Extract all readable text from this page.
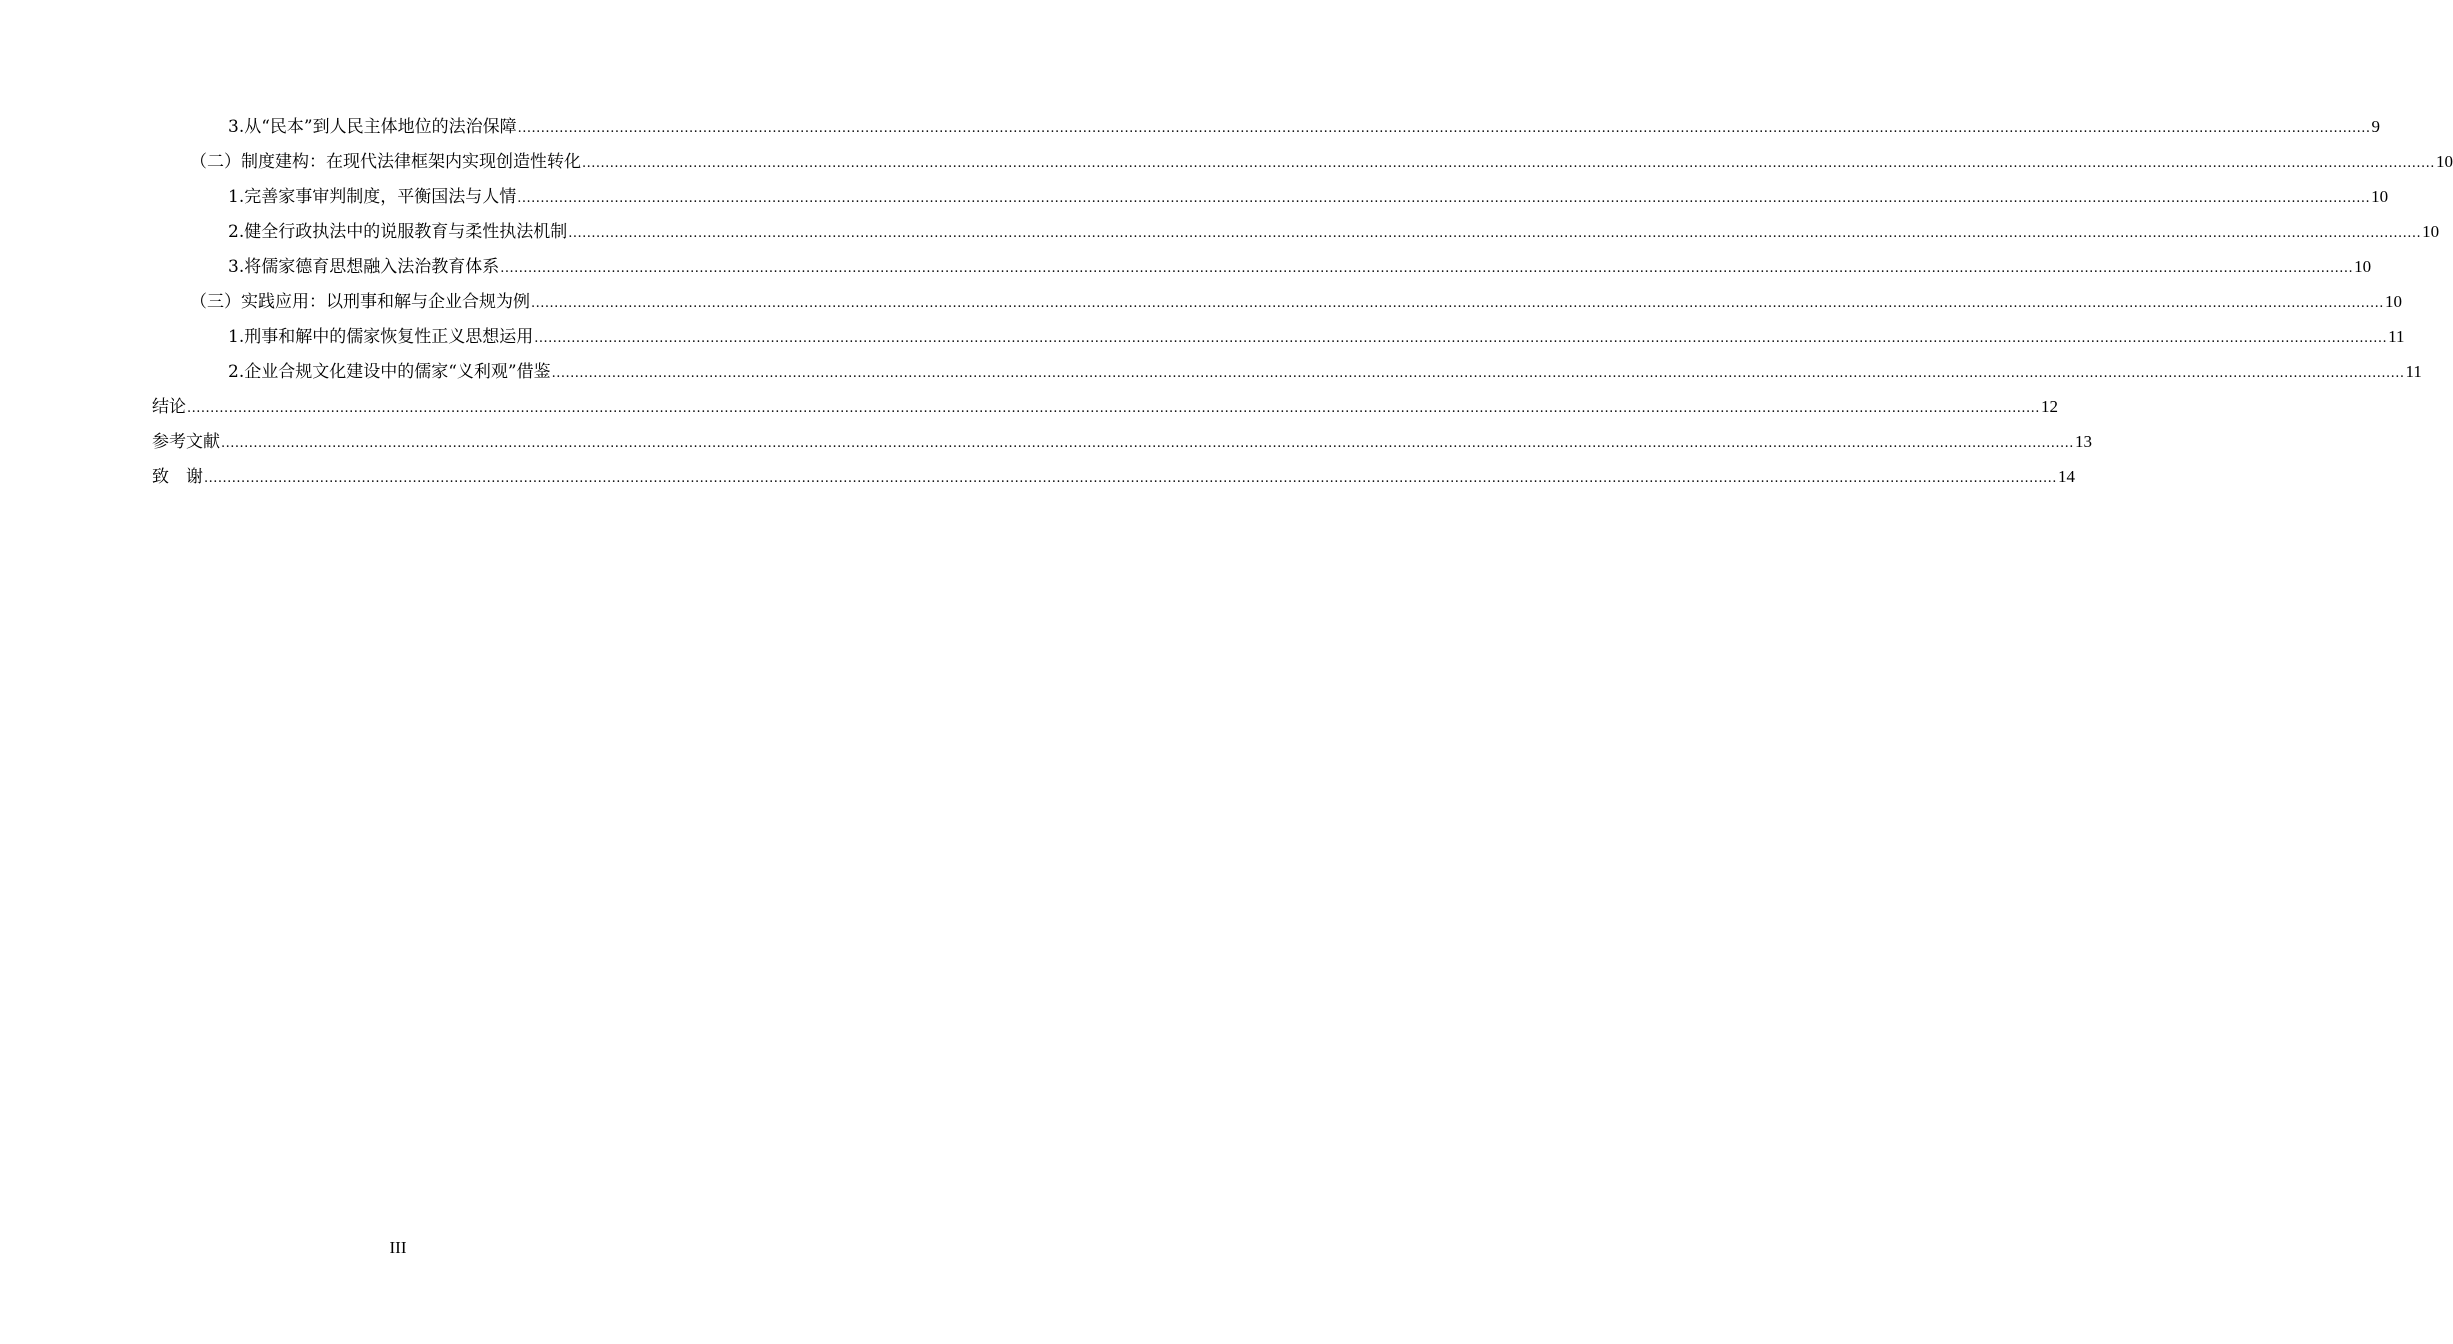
3.从“民本”到人民主体地位的法治保障 ................................................................................................................................................................................................................................................................................................................................................................................................................ 9
（二）制度建构：在现代法律框架内实现创造性转化 ................................................................................................................................................................................................................................................................................................................................................................................................................ 10
1.完善家事审判制度，平衡国法与人情 ................................................................................................................................................................................................................................................................................................................................................................................................................ 10
2.健全行政执法中的说服教育与柔性执法机制 ................................................................................................................................................................................................................................................................................................................................................................................................................ 10
3.将儒家德育思想融入法治教育体系 ................................................................................................................................................................................................................................................................................................................................................................................................................ 10
（三）实践应用：以刑事和解与企业合规为例 ................................................................................................................................................................................................................................................................................................................................................................................................................ 10
1.刑事和解中的儒家恢复性正义思想运用 ................................................................................................................................................................................................................................................................................................................................................................................................................ 11
2.企业合规文化建设中的儒家“义利观”借鉴 ................................................................................................................................................................................................................................................................................................................................................................................................................ 11
结论 ................................................................................................................................................................................................................................................................................................................................................................................................................ 12
参考文献 ................................................................................................................................................................................................................................................................................................................................................................................................................ 13
致　谢 ................................................................................................................................................................................................................................................................................................................................................................................................................ 14
III
